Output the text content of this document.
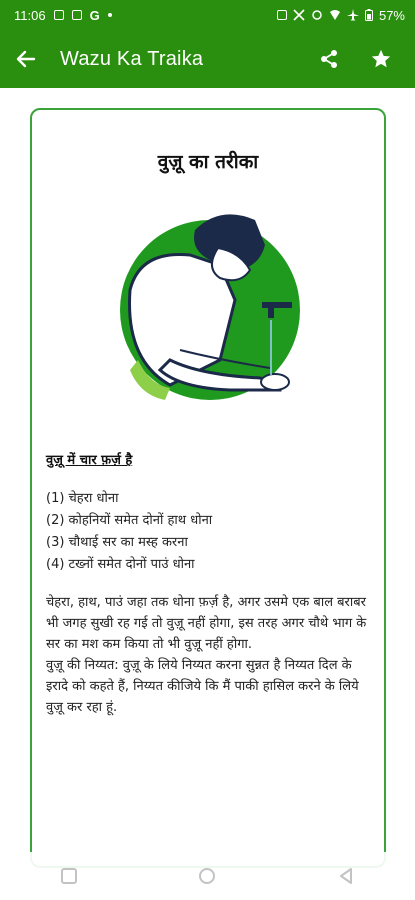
11:06	G	57%
Wazu Ka Traika
वुज़ू का तरीका
वुज़ू में चार फ़र्ज़ है
(1) चेहरा धोना
(2) कोहनियों समेत दोनों हाथ धोना
(3) चौथाई सर का मस्ह करना
(4) टख्नों समेत दोनों पाउं धोना

चेहरा, हाथ, पाउं जहा तक धोना फ़र्ज़ है, अगर उसमे एक बाल बराबर भी जगह सुखी रह गई तो वुज़ू नहीं होगा, इस तरह अगर चौथे भाग के सर का मश कम किया तो भी वुज़ू नहीं होगा.

वुज़ू की निय्यत: वुज़ू के लिये निय्यत करना सुन्नत है निय्यत दिल के इरादे को कहते हैं, निय्यत कीजिये कि मैं पाकी हासिल करने के लिये वुज़ू कर रहा हूं.
